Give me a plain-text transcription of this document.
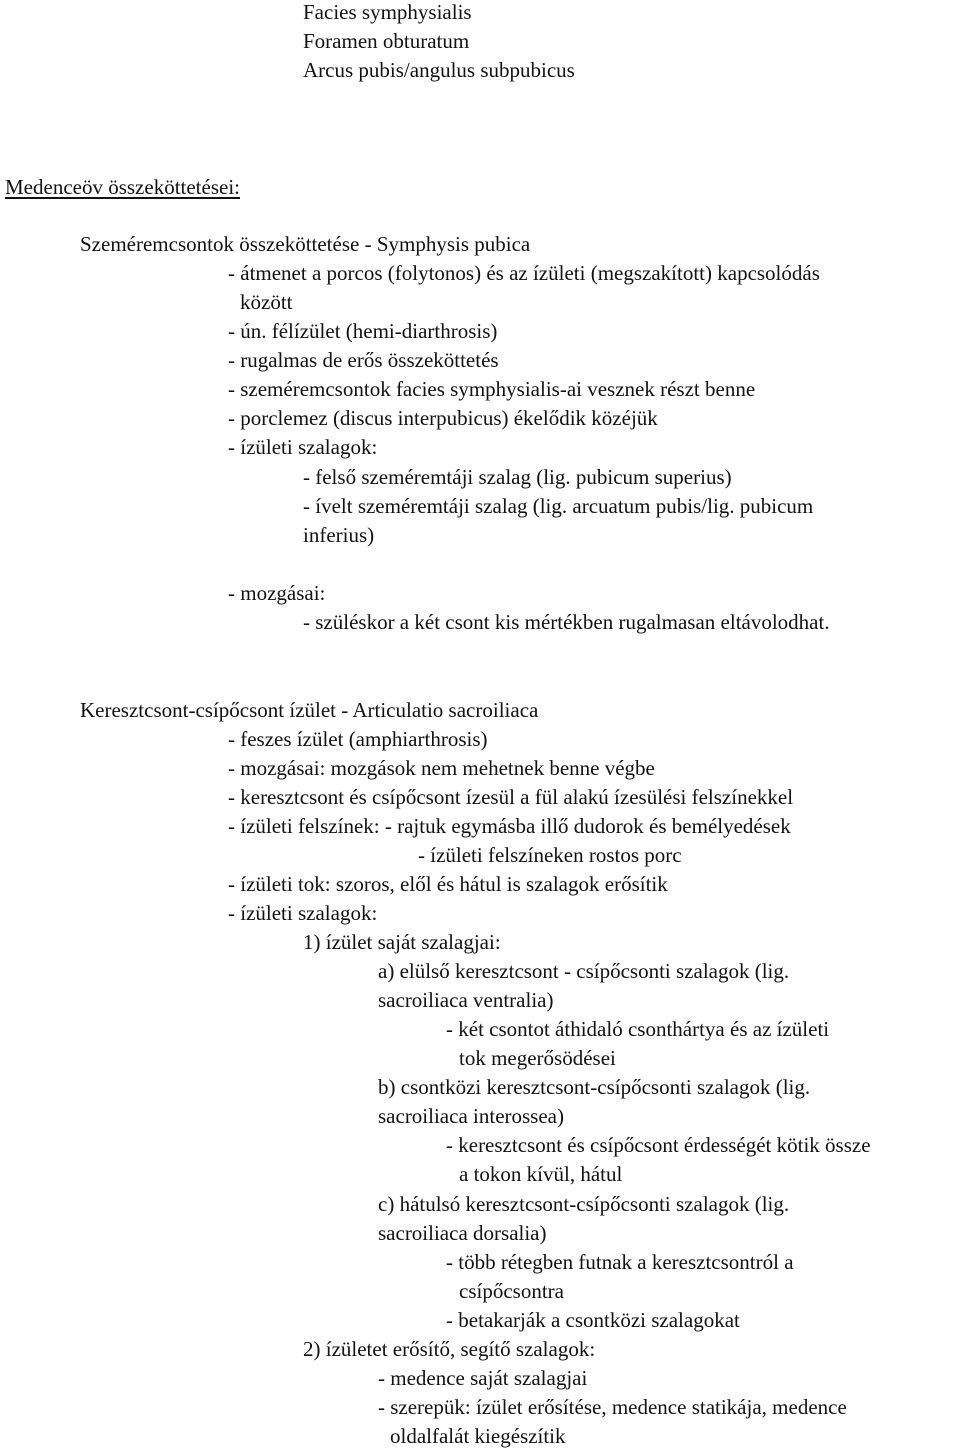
Facies symphysialis
Foramen obturatum
Arcus pubis/angulus subpubicus
Medenceöv összeköttetései:
Szeméremcsontok összeköttetése - Symphysis pubica
- átmenet a porcos (folytonos) és az ízületi (megszakított) kapcsolódás
között
- ún. félízület (hemi-diarthrosis)
- rugalmas de erős összeköttetés
- szeméremcsontok facies symphysialis-ai vesznek részt benne
- porclemez (discus interpubicus) ékelődik közéjük
- ízületi szalagok:
- felső szeméremtáji szalag (lig. pubicum superius)
- ívelt szeméremtáji szalag (lig. arcuatum pubis/lig. pubicum
inferius)
- mozgásai:
- szüléskor a két csont kis mértékben rugalmasan eltávolodhat.
Keresztcsont-csípőcsont ízület - Articulatio sacroiliaca
- feszes ízület (amphiarthrosis)
- mozgásai: mozgások nem mehetnek benne végbe
- keresztcsont és csípőcsont ízesül a fül alakú ízesülési felszínekkel
- ízületi felszínek: - rajtuk egymásba illő dudorok és bemélyedések
- ízületi felszíneken rostos porc
- ízületi tok: szoros, elől és hátul is szalagok erősítik
- ízületi szalagok:
1) ízület saját szalagjai:
a) elülső keresztcsont - csípőcsonti szalagok (lig.
sacroiliaca ventralia)
- két csontot áthidaló csonthártya és az ízületi
tok megerősödései
b) csontközi keresztcsont-csípőcsonti szalagok (lig.
sacroiliaca interossea)
- keresztcsont és csípőcsont érdességét kötik össze
a tokon kívül, hátul
c) hátulsó keresztcsont-csípőcsonti szalagok (lig.
sacroiliaca dorsalia)
- több rétegben futnak a keresztcsontról a
csípőcsontra
- betakarják a csontközi szalagokat
2) ízületet erősítő, segítő szalagok:
- medence saját szalagjai
- szerepük: ízület erősítése, medence statikája, medence
oldalfalát kiegészítik
